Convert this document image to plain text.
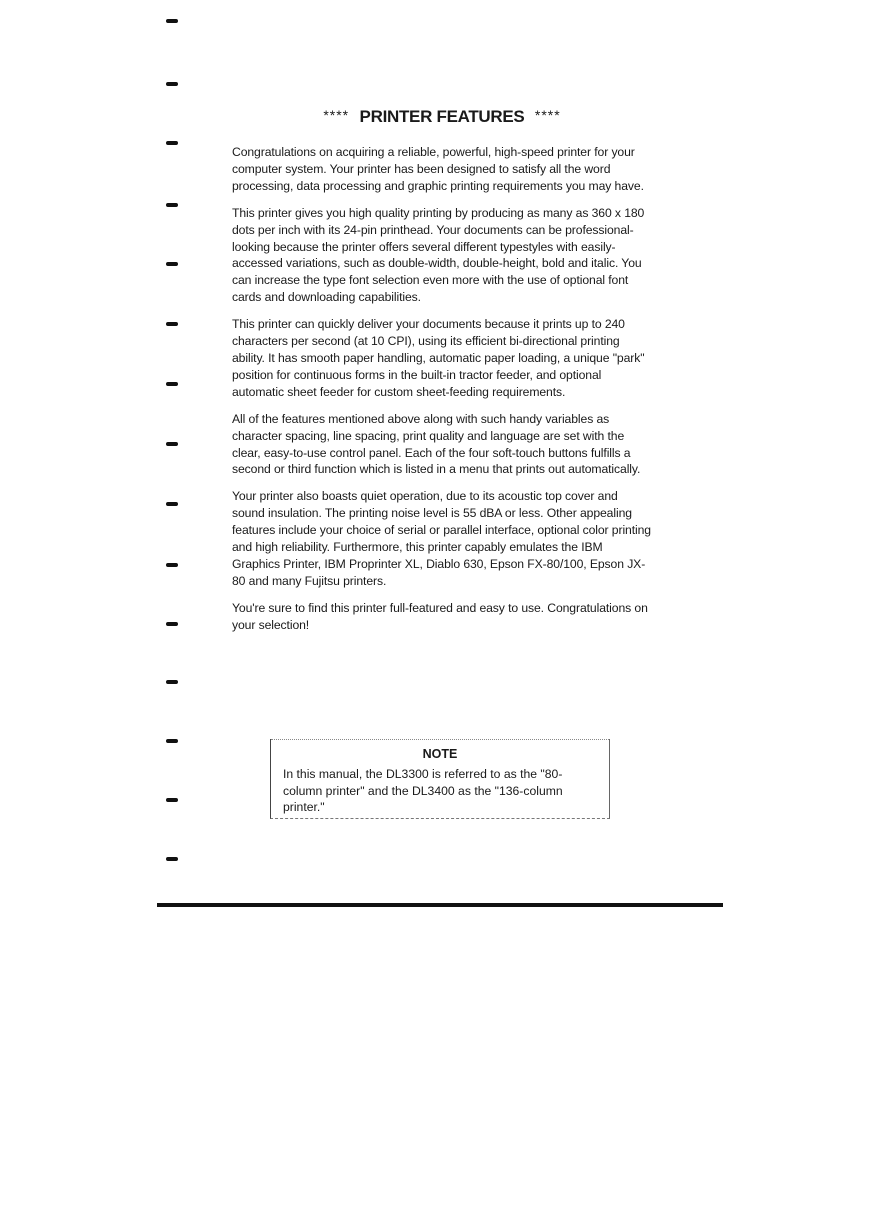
**** PRINTER FEATURES ****

Congratulations on acquiring a reliable, powerful, high-speed printer for your computer system. Your printer has been designed to satisfy all the word processing, data processing and graphic printing requirements you may have.

This printer gives you high quality printing by producing as many as 360 x 180 dots per inch with its 24-pin printhead. Your documents can be professional-looking because the printer offers several different typestyles with easily-accessed variations, such as double-width, double-height, bold and italic. You can increase the type font selection even more with the use of optional font cards and downloading capabilities.

This printer can quickly deliver your documents because it prints up to 240 characters per second (at 10 CPI), using its efficient bi-directional printing ability. It has smooth paper handling, automatic paper loading, a unique "park" position for continuous forms in the built-in tractor feeder, and optional automatic sheet feeder for custom sheet-feeding requirements.

All of the features mentioned above along with such handy variables as character spacing, line spacing, print quality and language are set with the clear, easy-to-use control panel. Each of the four soft-touch buttons fulfills a second or third function which is listed in a menu that prints out automatically.

Your printer also boasts quiet operation, due to its acoustic top cover and sound insulation. The printing noise level is 55 dBA or less. Other appealing features include your choice of serial or parallel interface, optional color printing and high reliability. Furthermore, this printer capably emulates the IBM Graphics Printer, IBM Proprinter XL, Diablo 630, Epson FX-80/100, Epson JX-80 and many Fujitsu printers.

You're sure to find this printer full-featured and easy to use. Congratulations on your selection!

NOTE
In this manual, the DL3300 is referred to as the "80-column printer" and the DL3400 as the "136-column printer."
